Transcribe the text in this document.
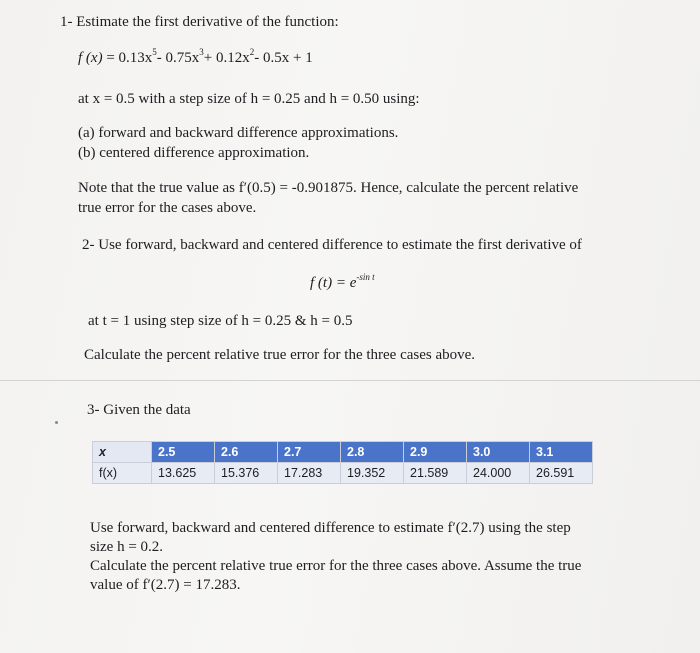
1- Estimate the first derivative of the function:
f $(x) = 0.13x^5-$ $0.75x^3+ 0.12x^2-$ 0.5x + 1
at x = 0.5 with a step size of h = 0.25 and h = 0.50 using:
(a) forward and backward difference approximations.
(b) centered difference approximation.
Note that the true value as f′(0.5) = -0.901875. Hence, calculate the percent relative
true error for the cases above.
2- Use forward, backward and centered difference to estimate the first derivative of
f $(t) = e^{-sin t}$
at t = 1 using step size of h = 0.25 & h = 0.5
Calculate the percent relative true error for the three cases above.
3- Given the data
x	2.5	2.6	2.7	2.8	2.9	3.0	3.1
f(x)	13.625	15.376	17.283	19.352	21.589	24.000	26.591
Use forward, backward and centered difference to estimate f′(2.7) using the step
size h = 0.2.
Calculate the percent relative true error for the three cases above. Assume the true
value of f′(2.7) = 17.283.
